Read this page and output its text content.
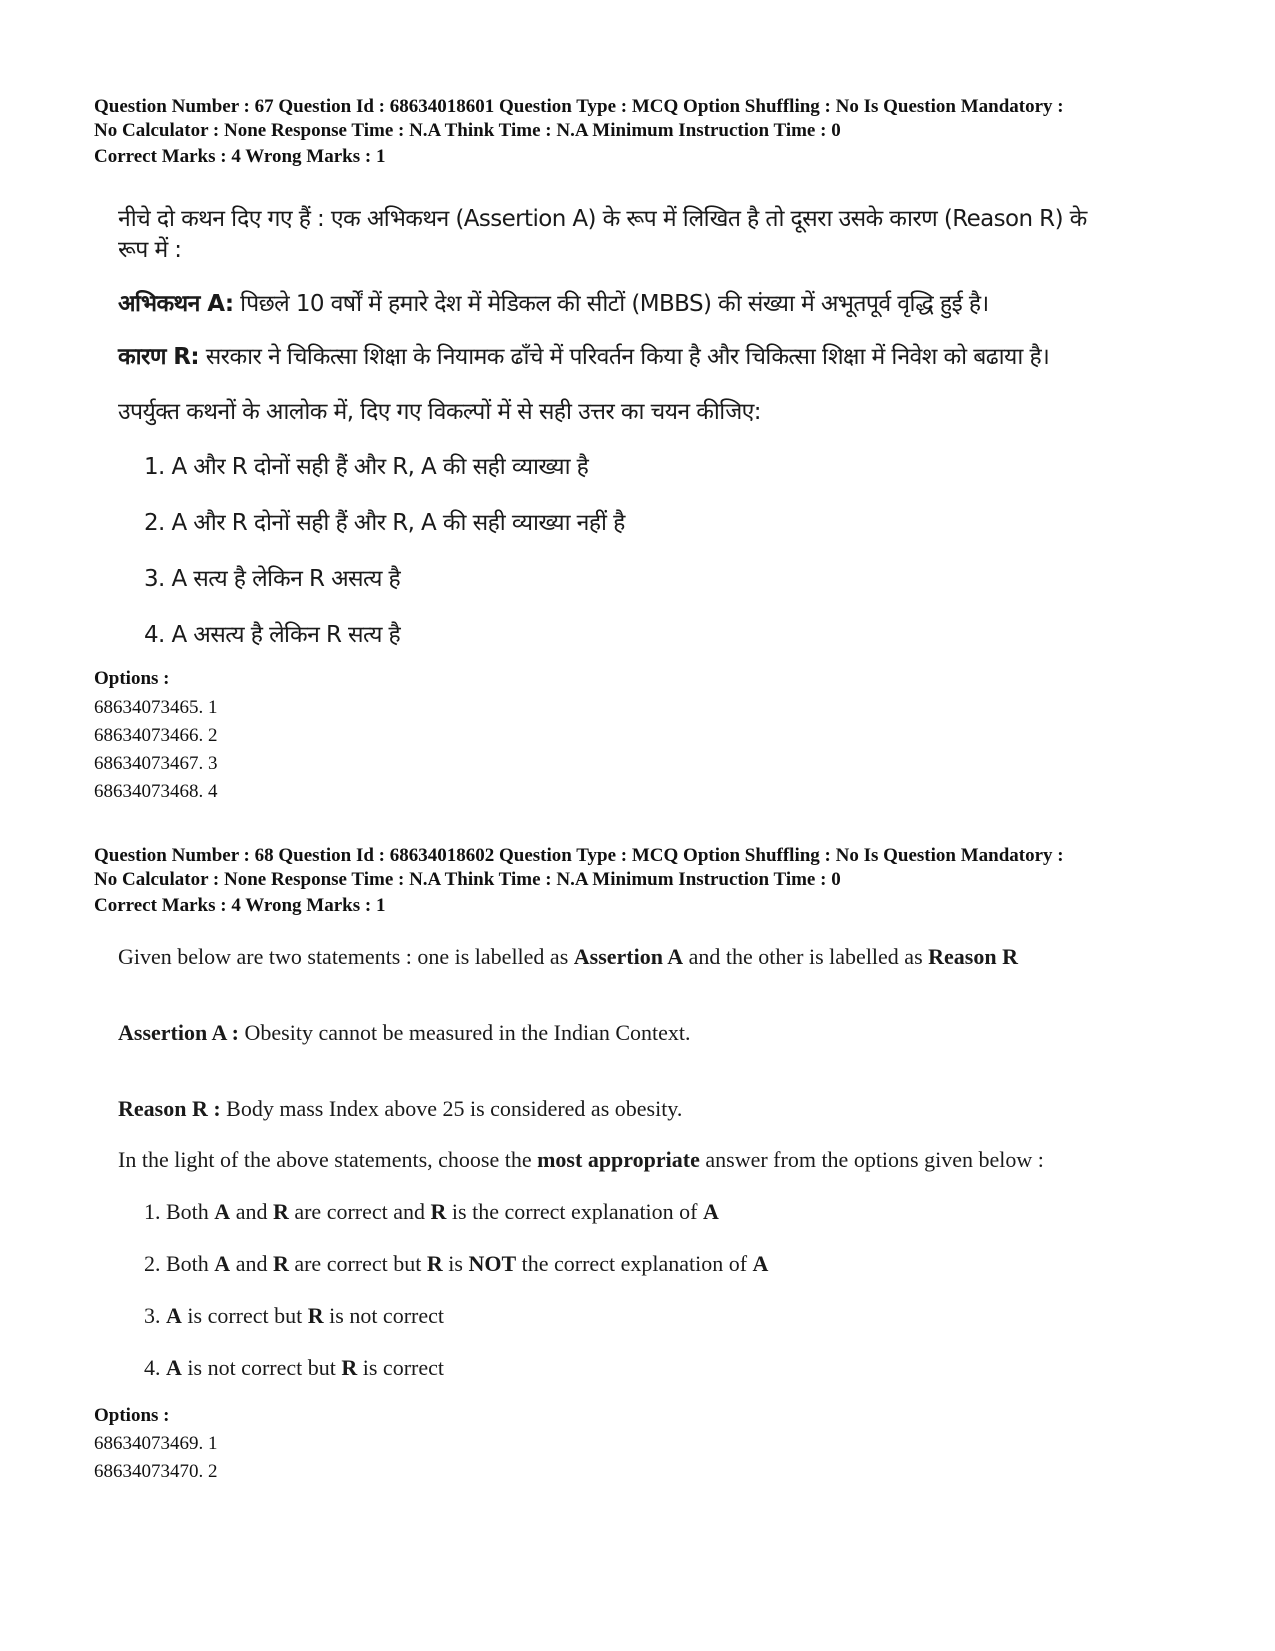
Question Number : 67 Question Id : 68634018601 Question Type : MCQ Option Shuffling : No Is Question Mandatory :
No Calculator : None Response Time : N.A Think Time : N.A Minimum Instruction Time : 0
Correct Marks : 4 Wrong Marks : 1

नीचे दो कथन दिए गए हैं : एक अभिकथन (Assertion A) के रूप में लिखित है तो दूसरा उसके कारण (Reason R) के

रूप में :

अभिकथन A: पिछले 10 वर्षों में हमारे देश में मेडिकल की सीटों (MBBS) की संख्या में अभूतपूर्व वृद्धि हुई है।

कारण R: सरकार ने चिकित्सा शिक्षा के नियामक ढाँचे में परिवर्तन किया है और चिकित्सा शिक्षा में निवेश को बढाया है।

उपर्युक्त कथनों के आलोक में, दिए गए विकल्पों में से सही उत्तर का चयन कीजिए:

1. A और R दोनों सही हैं और R, A की सही व्याख्या है

2. A और R दोनों सही हैं और R, A की सही व्याख्या नहीं है

3. A सत्य है लेकिन R असत्य है

4. A असत्य है लेकिन R सत्य है

Options :
68634073465. 1
68634073466. 2
68634073467. 3
68634073468. 4
Question Number : 68 Question Id : 68634018602 Question Type : MCQ Option Shuffling : No Is Question Mandatory :
No Calculator : None Response Time : N.A Think Time : N.A Minimum Instruction Time : 0
Correct Marks : 4 Wrong Marks : 1

Given below are two statements : one is labelled as Assertion A and the other is labelled as Reason R

Assertion A : Obesity cannot be measured in the Indian Context.

Reason R : Body mass Index above 25 is considered as obesity.

In the light of the above statements, choose the most appropriate answer from the options given below :

1. Both A and R are correct and R is the correct explanation of A

2. Both A and R are correct but R is NOT the correct explanation of A

3. A is correct but R is not correct

4. A is not correct but R is correct

Options :
68634073469. 1
68634073470. 2
